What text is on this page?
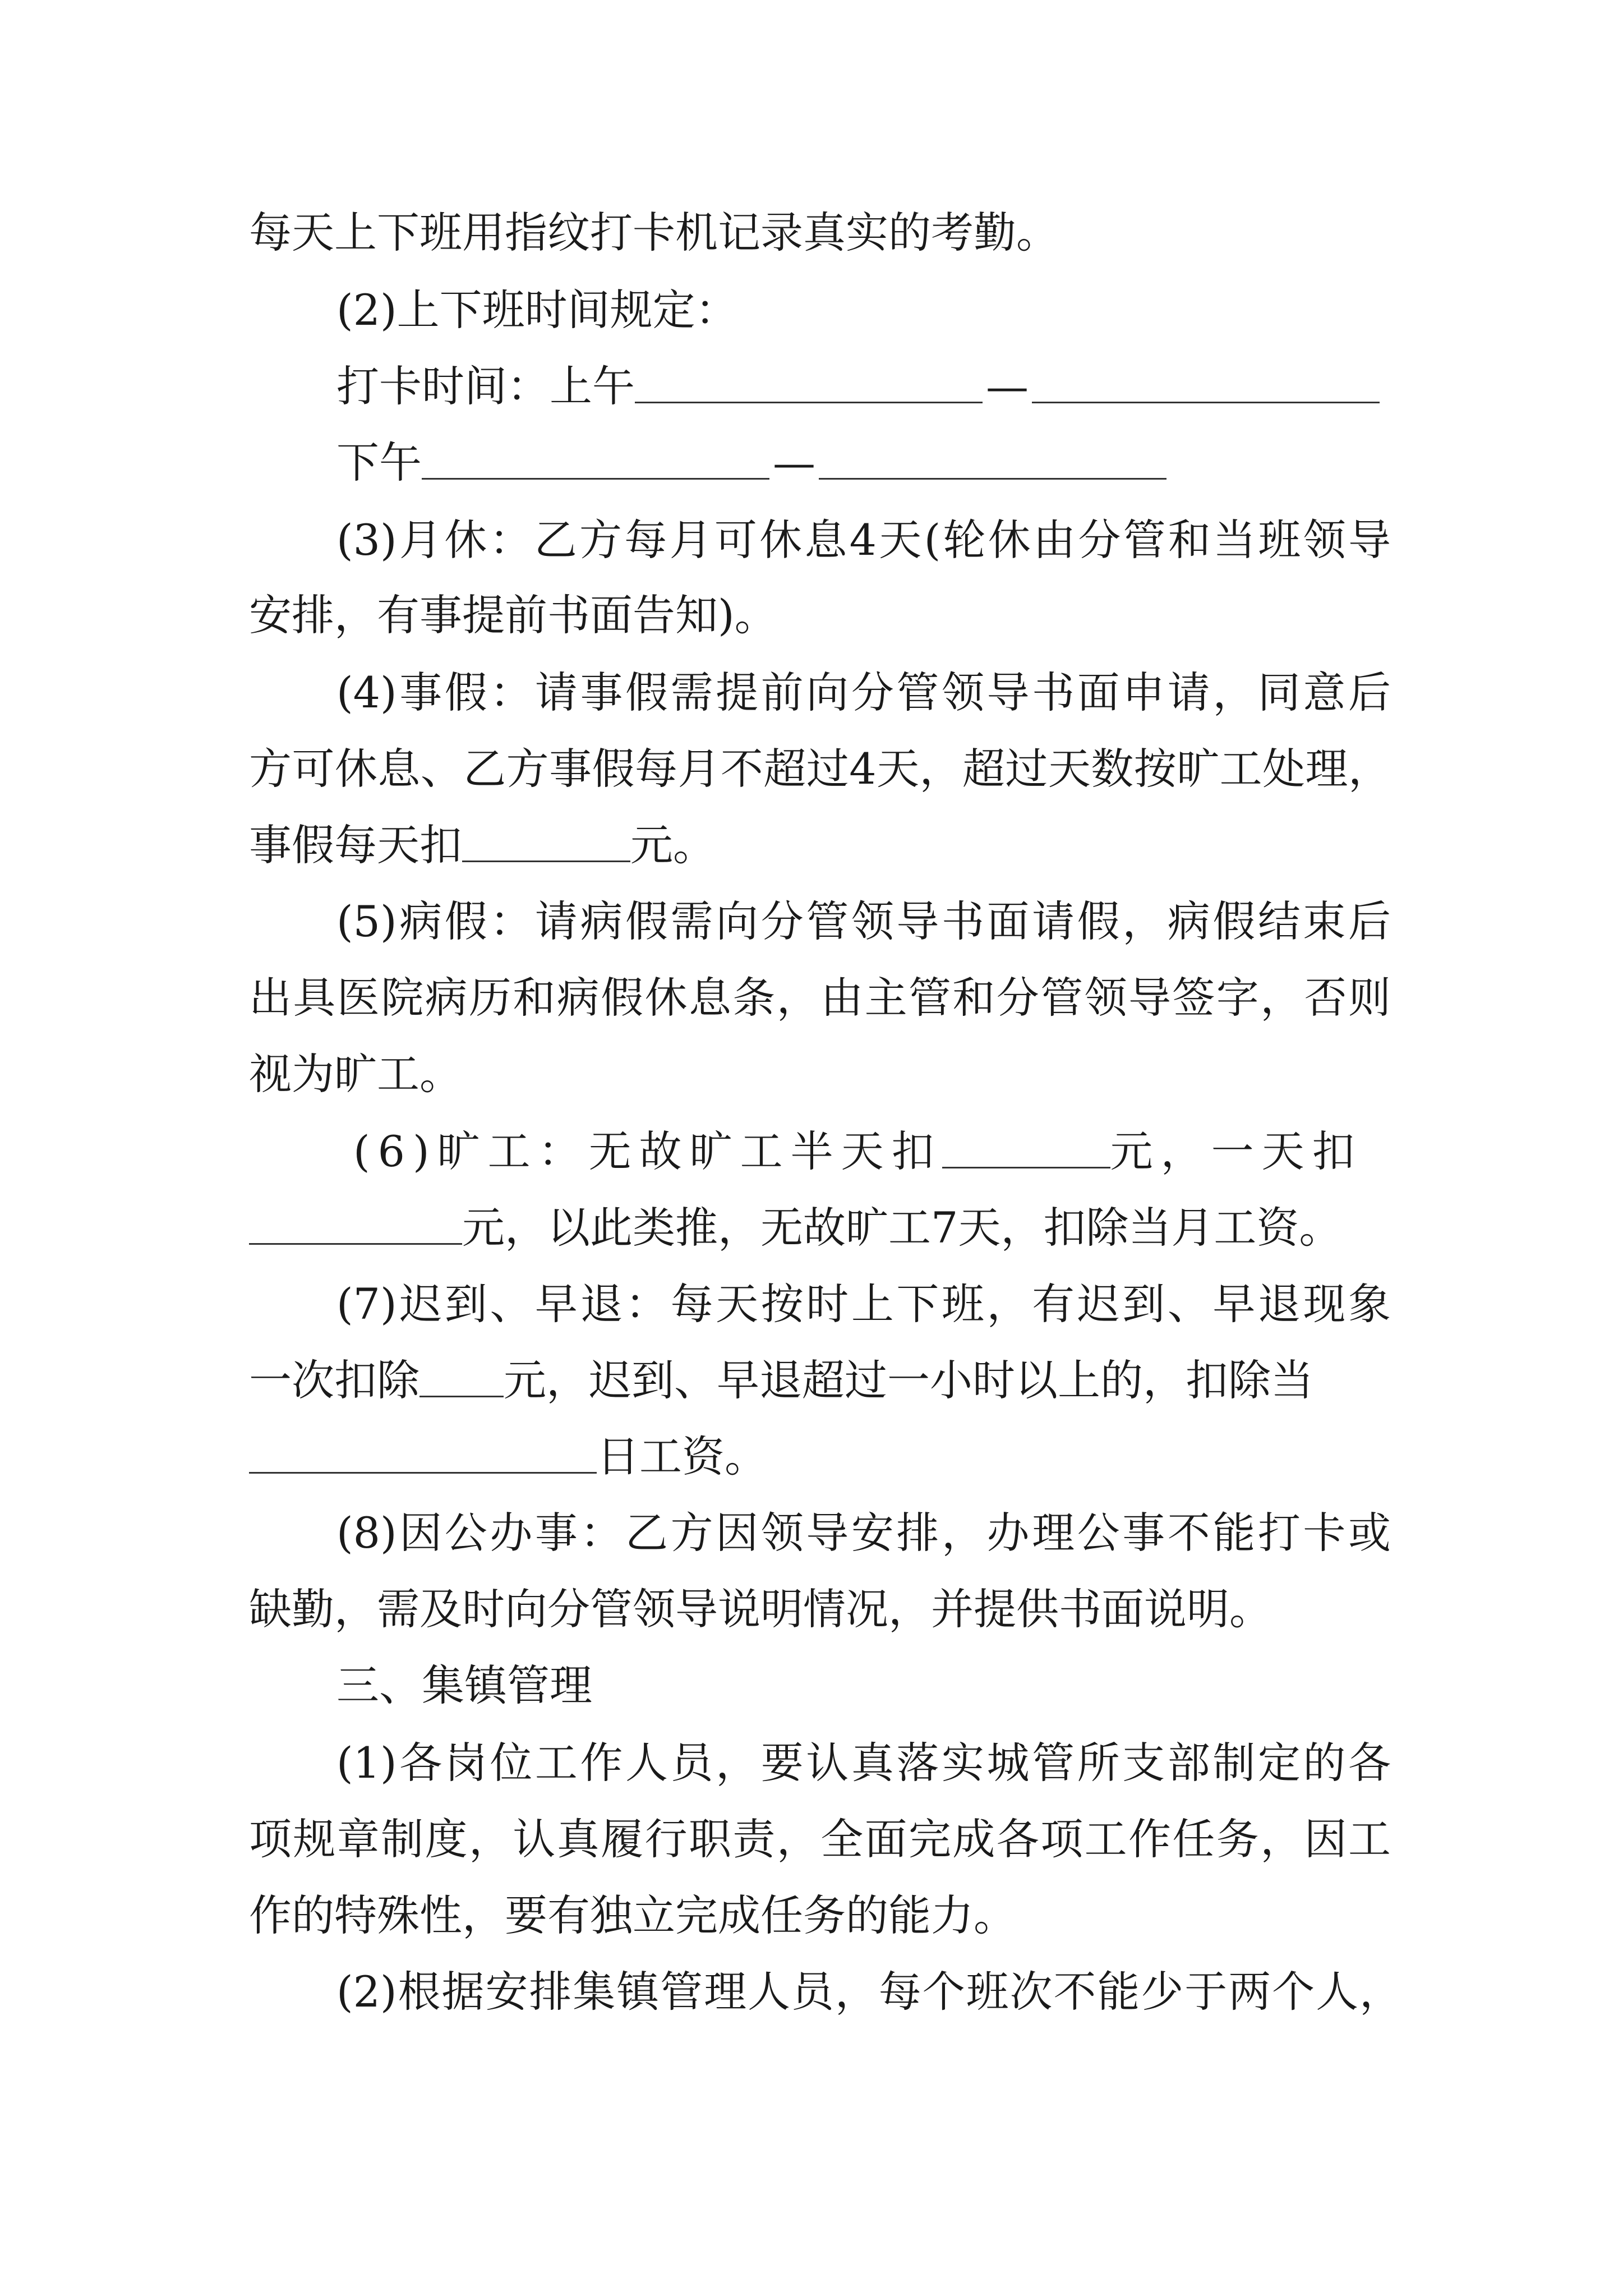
每天上下班用指纹打卡机记录真实的考勤。
(2)上下班时间规定：
打卡时间：上午	—
下午	—
(3)月休：乙方每月可休息4天(轮休由分管和当班领导
安排，有事提前书面告知)。
(4)事假：请事假需提前向分管领导书面申请，同意后
方可休息、乙方事假每月不超过4天，超过天数按旷工处理，
事假每天扣	元。
(5)病假：请病假需向分管领导书面请假，病假结束后
出具医院病历和病假休息条，由主管和分管领导签字，否则
视为旷工。
(6)旷工：无故旷工半天扣	元，一天扣
元，以此类推，无故旷工7天，扣除当月工资。
(7)迟到、早退：每天按时上下班，有迟到、早退现象
一次扣除 元，迟到、早退超过一小时以上的，扣除当
日工资。
(8)因公办事：乙方因领导安排，办理公事不能打卡或
缺勤，需及时向分管领导说明情况，并提供书面说明。
三、集镇管理
(1)各岗位工作人员，要认真落实城管所支部制定的各
项规章制度，认真履行职责，全面完成各项工作任务，因工
作的特殊性，要有独立完成任务的能力。
(2)根据安排集镇管理人员，每个班次不能少于两个人，
